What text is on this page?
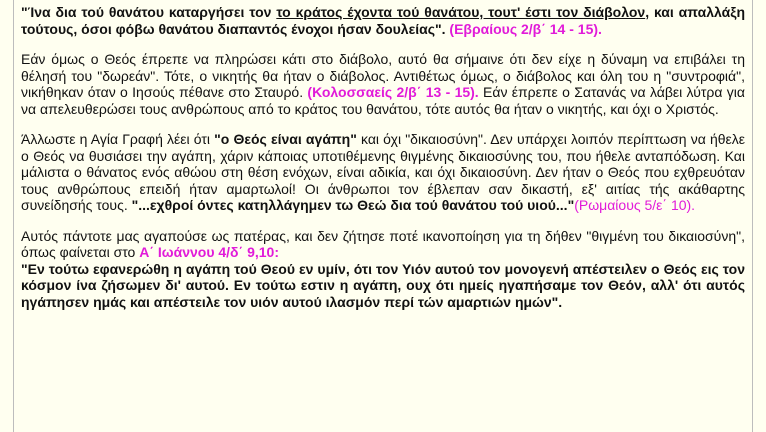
"Ίνα δια τού θανάτου καταργήσει τον το κράτος έχοντα τού θανάτου, τουτ' έστι τον διάβολον, και απαλλάξη τούτους, όσοι φόβω θανάτου διαπαντός ένοχοι ήσαν δουλείας". (Εβραίους 2/β΄ 14 - 15).

Εάν όμως ο Θεός έπρεπε να πληρώσει κάτι στο διάβολο, αυτό θα σήμαινε ότι δεν είχε η δύναμη να επιβάλει τη θέλησή του "δωρεάν". Τότε, ο νικητής θα ήταν ο διάβολος. Αντιθέτως όμως, ο διάβολος και όλη του η "συντροφιά", νικήθηκαν όταν ο Ιησούς πέθανε στο Σταυρό. (Κολοσσαείς 2/β΄ 13 - 15). Εάν έπρεπε ο Σατανάς να λάβει λύτρα για να απελευθερώσει τους ανθρώπους από το κράτος του θανάτου, τότε αυτός θα ήταν ο νικητής, και όχι ο Χριστός.

Άλλωστε η Αγία Γραφή λέει ότι "ο Θεός είναι αγάπη" και όχι "δικαιοσύνη". Δεν υπάρχει λοιπόν περίπτωση να ήθελε ο Θεός να θυσιάσει την αγάπη, χάριν κάποιας υποτιθέμενης θιγμένης δικαιοσύνης του, που ήθελε ανταπόδωση. Και μάλιστα ο θάνατος ενός αθώου στη θέση ενόχων, είναι αδικία, και όχι δικαιοσύνη. Δεν ήταν ο Θεός που εχθρευόταν τους ανθρώπους επειδή ήταν αμαρτωλοί! Οι άνθρωποι τον έβλεπαν σαν δικαστή, εξ' αιτίας τής ακάθαρτης συνείδησής τους. "...εχθροί όντες κατηλλάγημεν τω Θεώ δια τού θανάτου τού υιού..."(Ρωμαίους 5/ε΄ 10).

Αυτός πάντοτε μας αγαπούσε ως πατέρας, και δεν ζήτησε ποτέ ικανοποίηση για τη δήθεν "θιγμένη του δικαιοσύνη", όπως φαίνεται στο Α΄ Ιωάννου 4/δ΄ 9,10:
"Εν τούτω εφανερώθη η αγάπη τού Θεού εν υμίν, ότι τον Υιόν αυτού τον μονογενή απέστειλεν ο Θεός εις τον κόσμον ίνα ζήσωμεν δι' αυτού. Εν τούτω εστιν η αγάπη, ουχ ότι ημείς ηγαπήσαμε τον Θεόν, αλλ' ότι αυτός ηγάπησεν ημάς και απέστειλε τον υιόν αυτού ιλασμόν περί τών αμαρτιών ημών".
